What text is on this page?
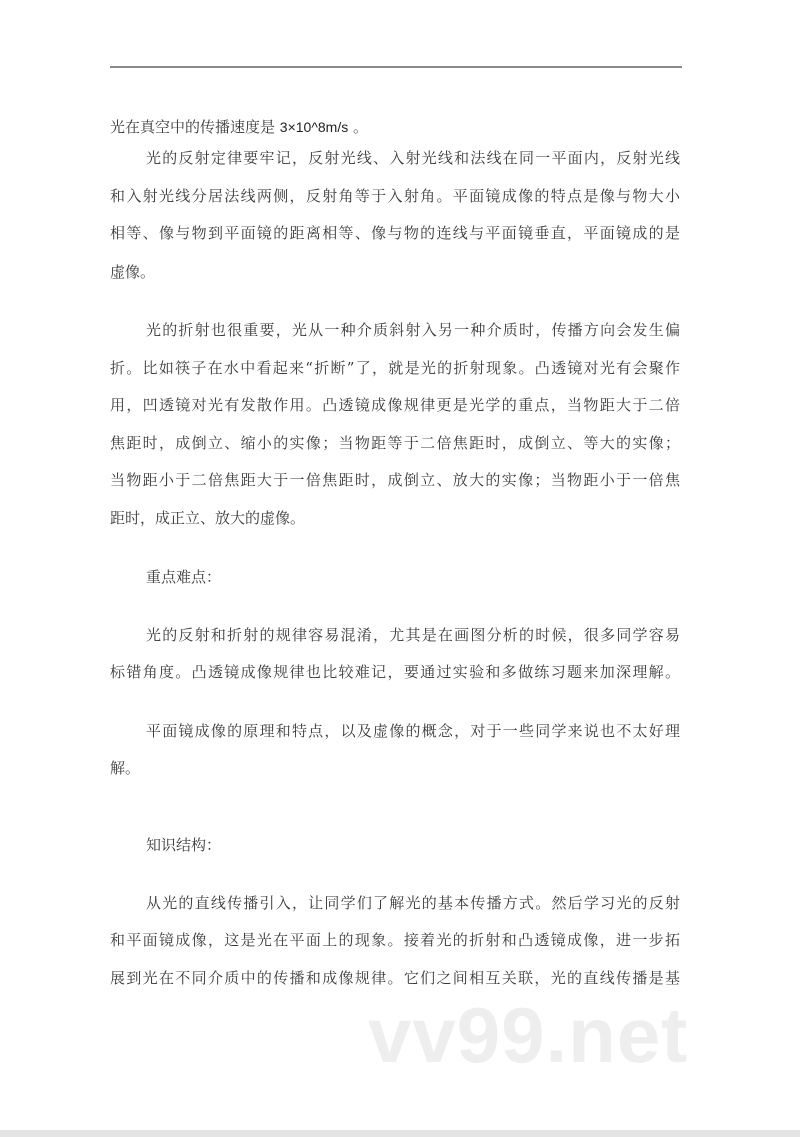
光在真空中的传播速度是 3×10^8m/s 。
光的反射定律要牢记，反射光线、入射光线和法线在同一平面内，反射光线
和入射光线分居法线两侧，反射角等于入射角。平面镜成像的特点是像与物大小
相等、像与物到平面镜的距离相等、像与物的连线与平面镜垂直，平面镜成的是
虚像。
光的折射也很重要，光从一种介质斜射入另一种介质时，传播方向会发生偏
折。比如筷子在水中看起来“折断”了，就是光的折射现象。凸透镜对光有会聚作
用，凹透镜对光有发散作用。凸透镜成像规律更是光学的重点，当物距大于二倍
焦距时，成倒立、缩小的实像；当物距等于二倍焦距时，成倒立、等大的实像；
当物距小于二倍焦距大于一倍焦距时，成倒立、放大的实像；当物距小于一倍焦
距时，成正立、放大的虚像。
重点难点：
光的反射和折射的规律容易混淆，尤其是在画图分析的时候，很多同学容易
标错角度。凸透镜成像规律也比较难记，要通过实验和多做练习题来加深理解。
平面镜成像的原理和特点，以及虚像的概念，对于一些同学来说也不太好理
解。
知识结构：
从光的直线传播引入，让同学们了解光的基本传播方式。然后学习光的反射
和平面镜成像，这是光在平面上的现象。接着光的折射和凸透镜成像，进一步拓
展到光在不同介质中的传播和成像规律。它们之间相互关联，光的直线传播是基
vv99.net
